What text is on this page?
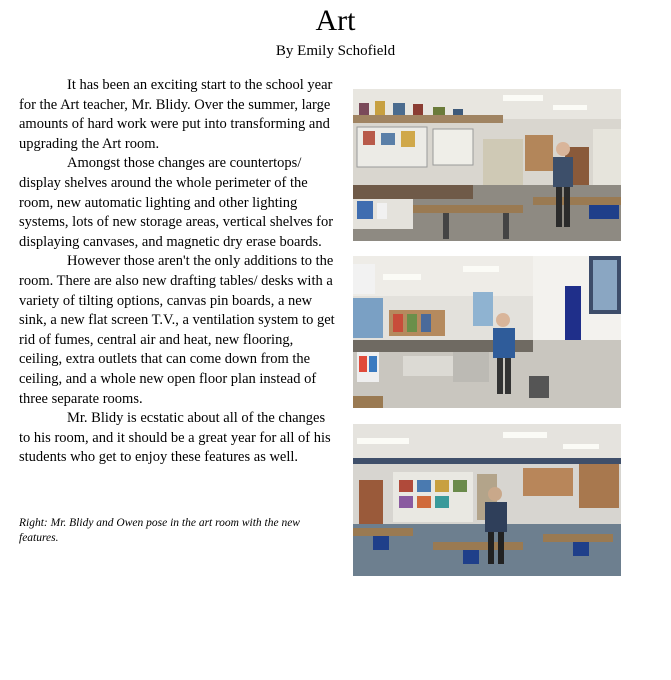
Art
By Emily Schofield

It has been an exciting start to the school year for the Art teacher, Mr. Blidy. Over the summer, large amounts of hard work were put into transforming and upgrading the Art room.

Amongst those changes are countertops/ display shelves around the whole perimeter of the room, new automatic lighting and other lighting systems, lots of new storage areas, vertical shelves for displaying canvases, and magnetic dry erase boards.

However those aren't the only additions to the room. There are also new drafting tables/ desks with a variety of tilting options, canvas pin boards, a new sink, a new flat screen T.V., a ventilation system to get rid of fumes, central air and heat, new flooring, ceiling, extra outlets that can come down from the ceiling, and a whole new open floor plan instead of three separate rooms.

Mr. Blidy is ecstatic about all of the changes to his room, and it should be a great year for all of his students who get to enjoy these features as well.

Right: Mr. Blidy and Owen pose in the art room with the new features.
